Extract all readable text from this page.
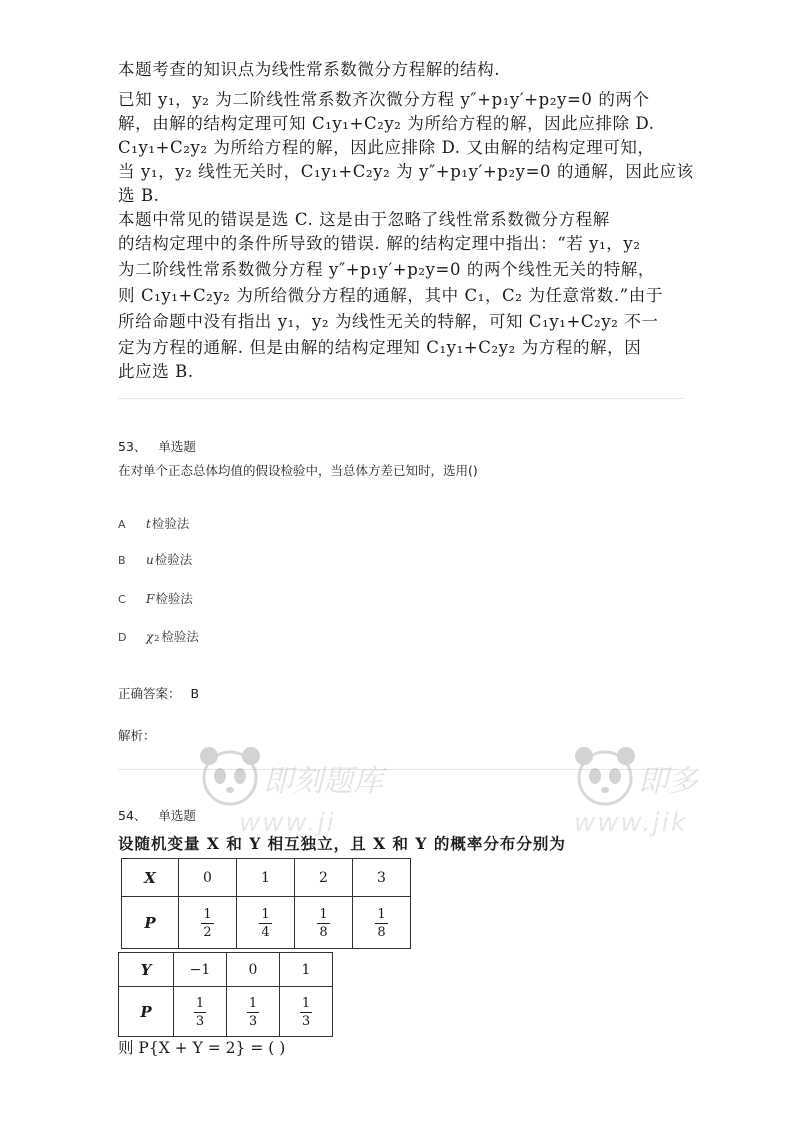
本题考查的知识点为线性常系数微分方程解的结构.

已知 y₁，y₂ 为二阶线性常系数齐次微分方程 y″+p₁y′+p₂y=0 的两个

解，由解的结构定理可知 C₁y₁+C₂y₂ 为所给方程的解，因此应排除 D.

C₁y₁+C₂y₂ 为所给方程的解，因此应排除 D. 又由解的结构定理可知，

当 y₁，y₂ 线性无关时，C₁y₁+C₂y₂ 为 y″+p₁y′+p₂y=0 的通解，因此应该

选 B.

本题中常见的错误是选 C. 这是由于忽略了线性常系数微分方程解

的结构定理中的条件所导致的错误. 解的结构定理中指出：“若 y₁，y₂

为二阶线性常系数微分方程 y″+p₁y′+p₂y=0 的两个线性无关的特解，

则 C₁y₁+C₂y₂ 为所给微分方程的通解，其中 C₁，C₂ 为任意常数.”由于

所给命题中没有指出 y₁，y₂ 为线性无关的特解，可知 C₁y₁+C₂y₂ 不一

定为方程的通解. 但是由解的结构定理知 C₁y₁+C₂y₂ 为方程的解，因

此应选 B.

53、 单选题
在对单个正态总体均值的假设检验中，当总体方差已知时，选用()
A	t 检验法
B	u 检验法
C	F 检验法
D	χ 2 检验法
正确答案： B
解析：
即刻题库
www.ji
即多
www.jik
54、 单选题
设随机变量 X 和 Y 相互独立，且 X 和 Y 的概率分布分别为
X	0	1	2	3
P	$\frac{1}{2}$	$\frac{1}{4}$	$\frac{1}{8}$	$\frac{1}{8}$
Y	−1	0	1
P	$\frac{1}{3}$	$\frac{1}{3}$	$\frac{1}{3}$
则 P{X + Y = 2} = ( )
